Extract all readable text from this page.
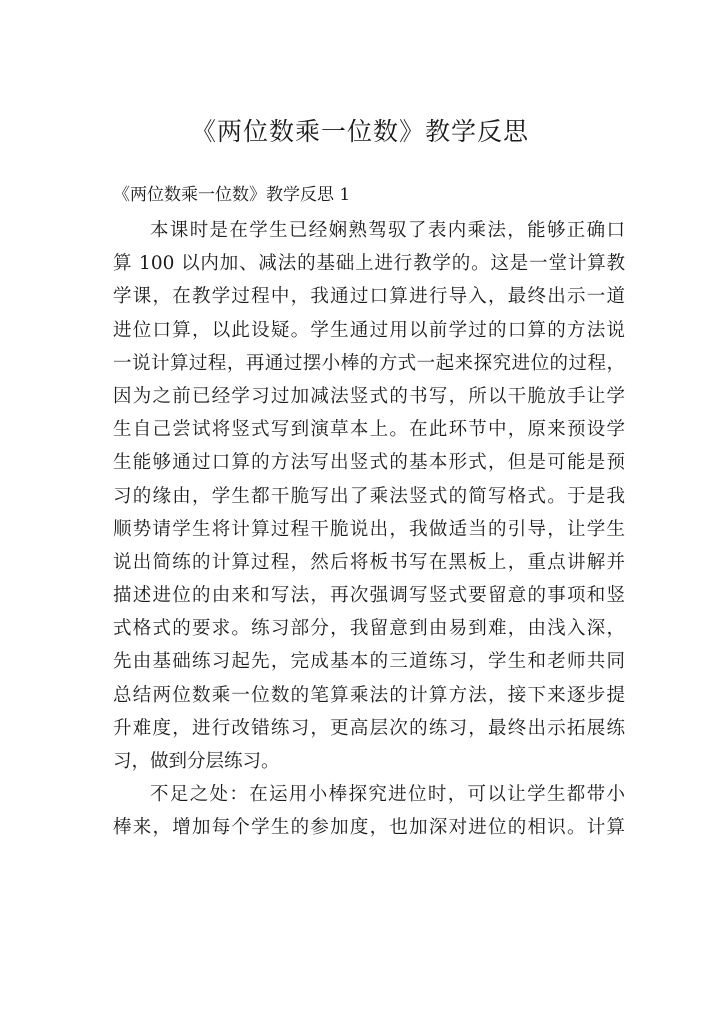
《两位数乘一位数》教学反思
《两位数乘一位数》教学反思 1
本课时是在学生已经娴熟驾驭了表内乘法，能够正确口
算 100 以内加、减法的基础上进行教学的。这是一堂计算教
学课，在教学过程中，我通过口算进行导入，最终出示一道
进位口算，以此设疑。学生通过用以前学过的口算的方法说
一说计算过程，再通过摆小棒的方式一起来探究进位的过程，
因为之前已经学习过加减法竖式的书写，所以干脆放手让学
生自己尝试将竖式写到演草本上。在此环节中，原来预设学
生能够通过口算的方法写出竖式的基本形式，但是可能是预
习的缘由，学生都干脆写出了乘法竖式的简写格式。于是我
顺势请学生将计算过程干脆说出，我做适当的引导，让学生
说出简练的计算过程，然后将板书写在黑板上，重点讲解并
描述进位的由来和写法，再次强调写竖式要留意的事项和竖
式格式的要求。练习部分，我留意到由易到难，由浅入深，
先由基础练习起先，完成基本的三道练习，学生和老师共同
总结两位数乘一位数的笔算乘法的计算方法，接下来逐步提
升难度，进行改错练习，更高层次的练习，最终出示拓展练
习，做到分层练习。
不足之处：在运用小棒探究进位时，可以让学生都带小
棒来，增加每个学生的参加度，也加深对进位的相识。计算
